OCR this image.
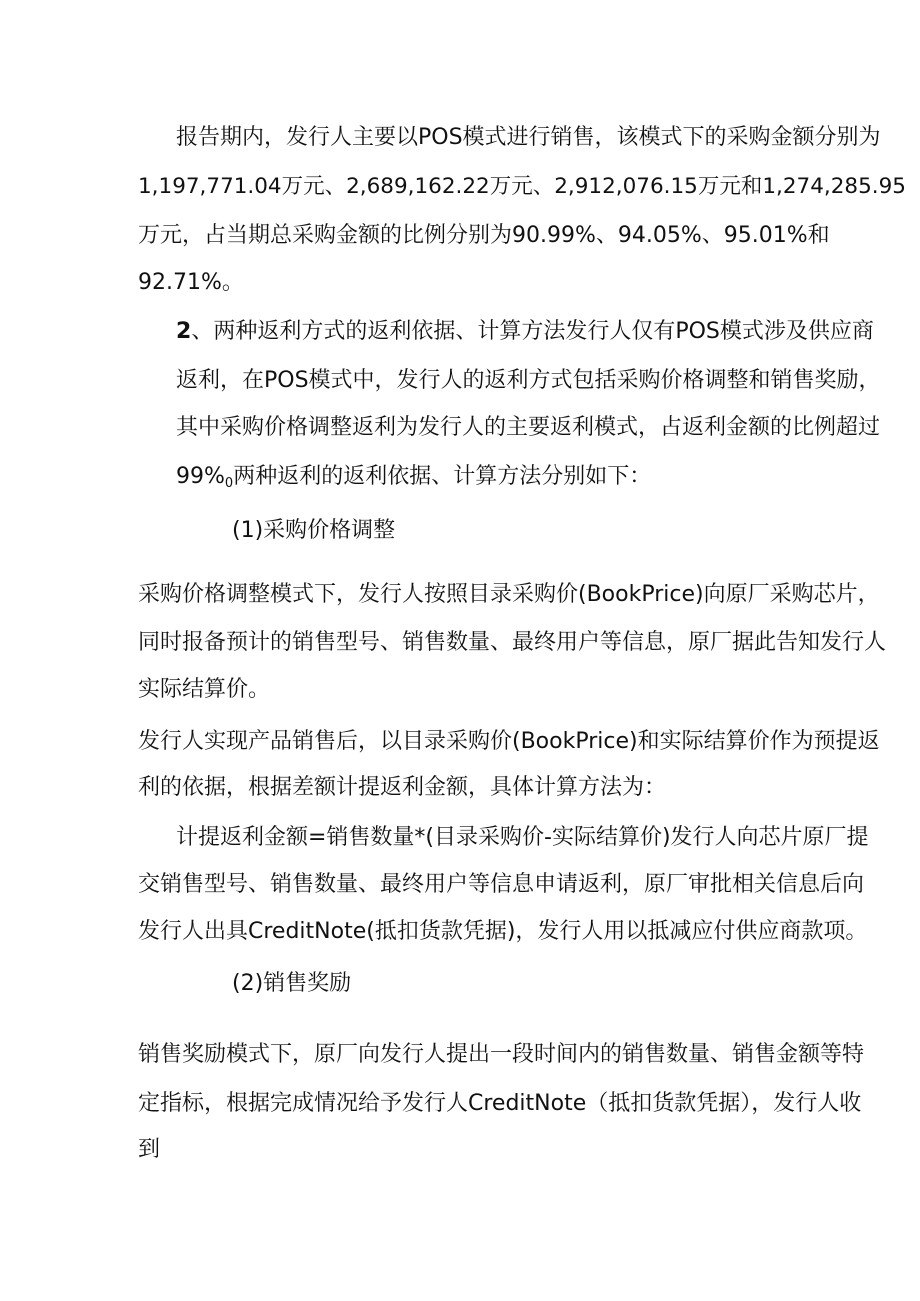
报告期内，发行人主要以POS模式进行销售，该模式下的采购金额分别为
1,197,771.04万元、2,689,162.22万元、2,912,076.15万元和1,274,285.95
万元，占当期总采购金额的比例分别为90.99%、94.05%、95.01%和
92.71%。
2、两种返利方式的返利依据、计算方法发行人仅有POS模式涉及供应商
返利，在POS模式中，发行人的返利方式包括采购价格调整和销售奖励，
其中采购价格调整返利为发行人的主要返利模式，占返利金额的比例超过
$99\%_0$两种返利的返利依据、计算方法分别如下：
(1)采购价格调整
采购价格调整模式下，发行人按照目录采购价(BookPrice)向原厂采购芯片，
同时报备预计的销售型号、销售数量、最终用户等信息，原厂据此告知发行人
实际结算价。
发行人实现产品销售后，以目录采购价(BookPrice)和实际结算价作为预提返
利的依据，根据差额计提返利金额，具体计算方法为：
计提返利金额=销售数量*(目录采购价-实际结算价)发行人向芯片原厂提
交销售型号、销售数量、最终用户等信息申请返利，原厂审批相关信息后向
发行人出具CreditNote(抵扣货款凭据)，发行人用以抵减应付供应商款项。
(2)销售奖励
销售奖励模式下，原厂向发行人提出一段时间内的销售数量、销售金额等特
定指标，根据完成情况给予发行人CreditNote（抵扣货款凭据），发行人收
到
